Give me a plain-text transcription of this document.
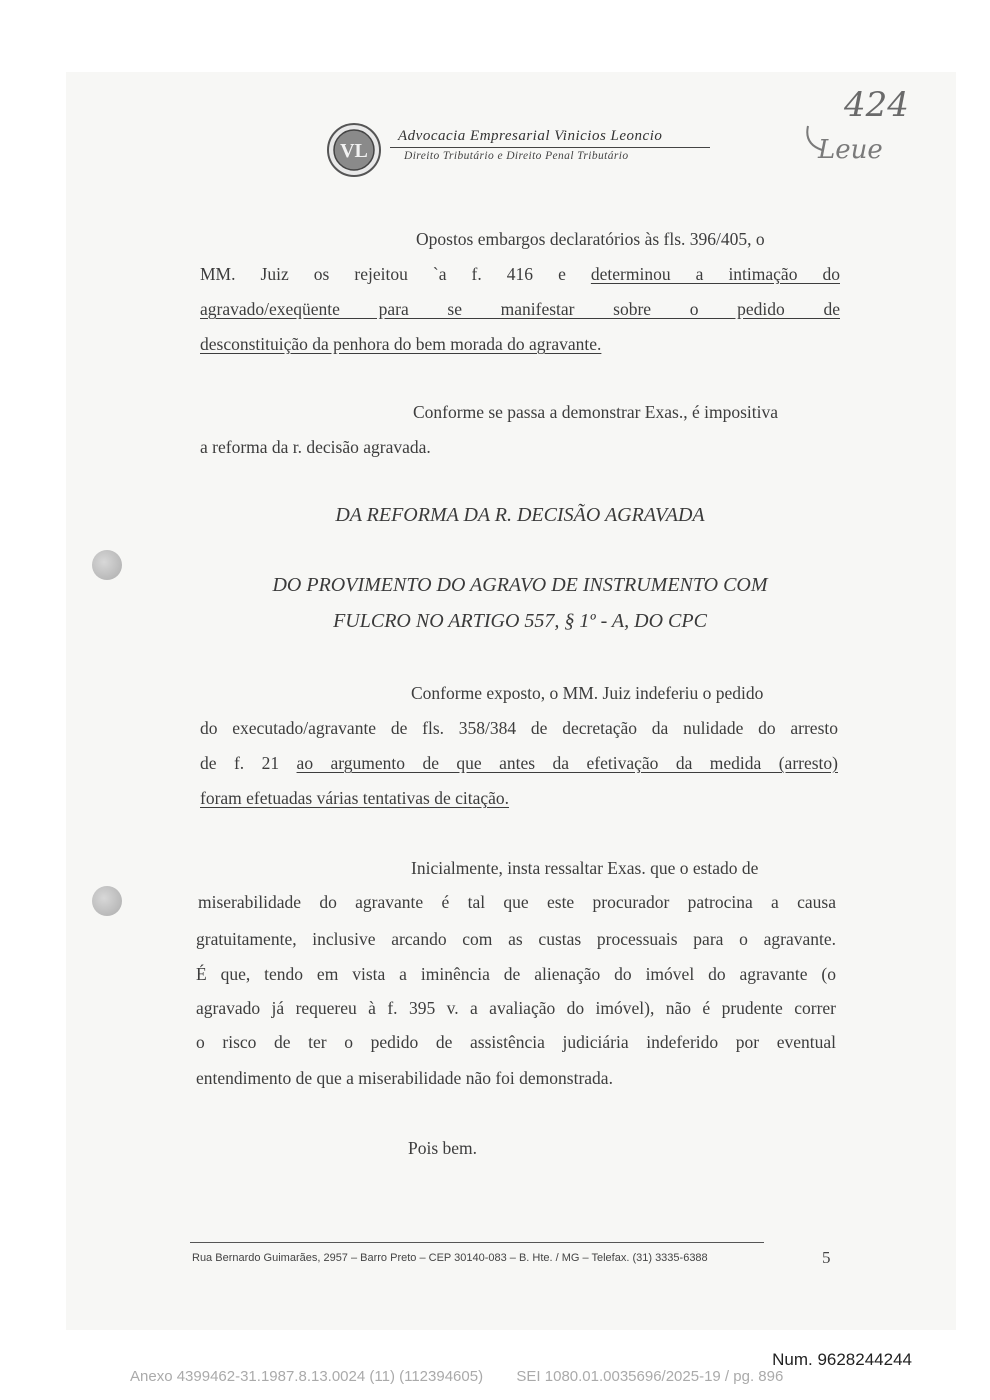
VL
Advocacia Empresarial Vinicios Leoncio
Direito Tributário e Direito Penal Tributário
424
Leue
Opostos embargos declaratórios às fls. 396/405, o
MM. Juiz os rejeitou `a f. 416 e determinou a intimação do
agravado/exeqüente para se manifestar sobre o pedido de
desconstituição da penhora do bem morada do agravante.
Conforme se passa a demonstrar Exas., é impositiva
a reforma da r. decisão agravada.
DA REFORMA DA R. DECISÃO AGRAVADA
DO PROVIMENTO DO AGRAVO DE INSTRUMENTO COM
FULCRO NO ARTIGO 557, § 1º - A, DO CPC
Conforme exposto, o MM. Juiz indeferiu o pedido
do executado/agravante de fls. 358/384 de decretação da nulidade do arresto
de f. 21 ao argumento de que antes da efetivação da medida (arresto)
foram efetuadas várias tentativas de citação.
Inicialmente, insta ressaltar Exas. que o estado de
miserabilidade do agravante é tal que este procurador patrocina a causa
gratuitamente, inclusive arcando com as custas processuais para o agravante.
É que, tendo em vista a iminência de alienação do imóvel do agravante (o
agravado já requereu à f. 395 v. a avaliação do imóvel), não é prudente correr
o risco de ter o pedido de assistência judiciária indeferido por eventual
entendimento de que a miserabilidade não foi demonstrada.
Pois bem.
Rua Bernardo Guimarães, 2957 – Barro Preto – CEP 30140-083 – B. Hte. / MG – Telefax. (31) 3335-6388	5
Num. 9628244244
Anexo 4399462-31.1987.8.13.0024 (11) (112394605) SEI 1080.01.0035696/2025-19 / pg. 896
